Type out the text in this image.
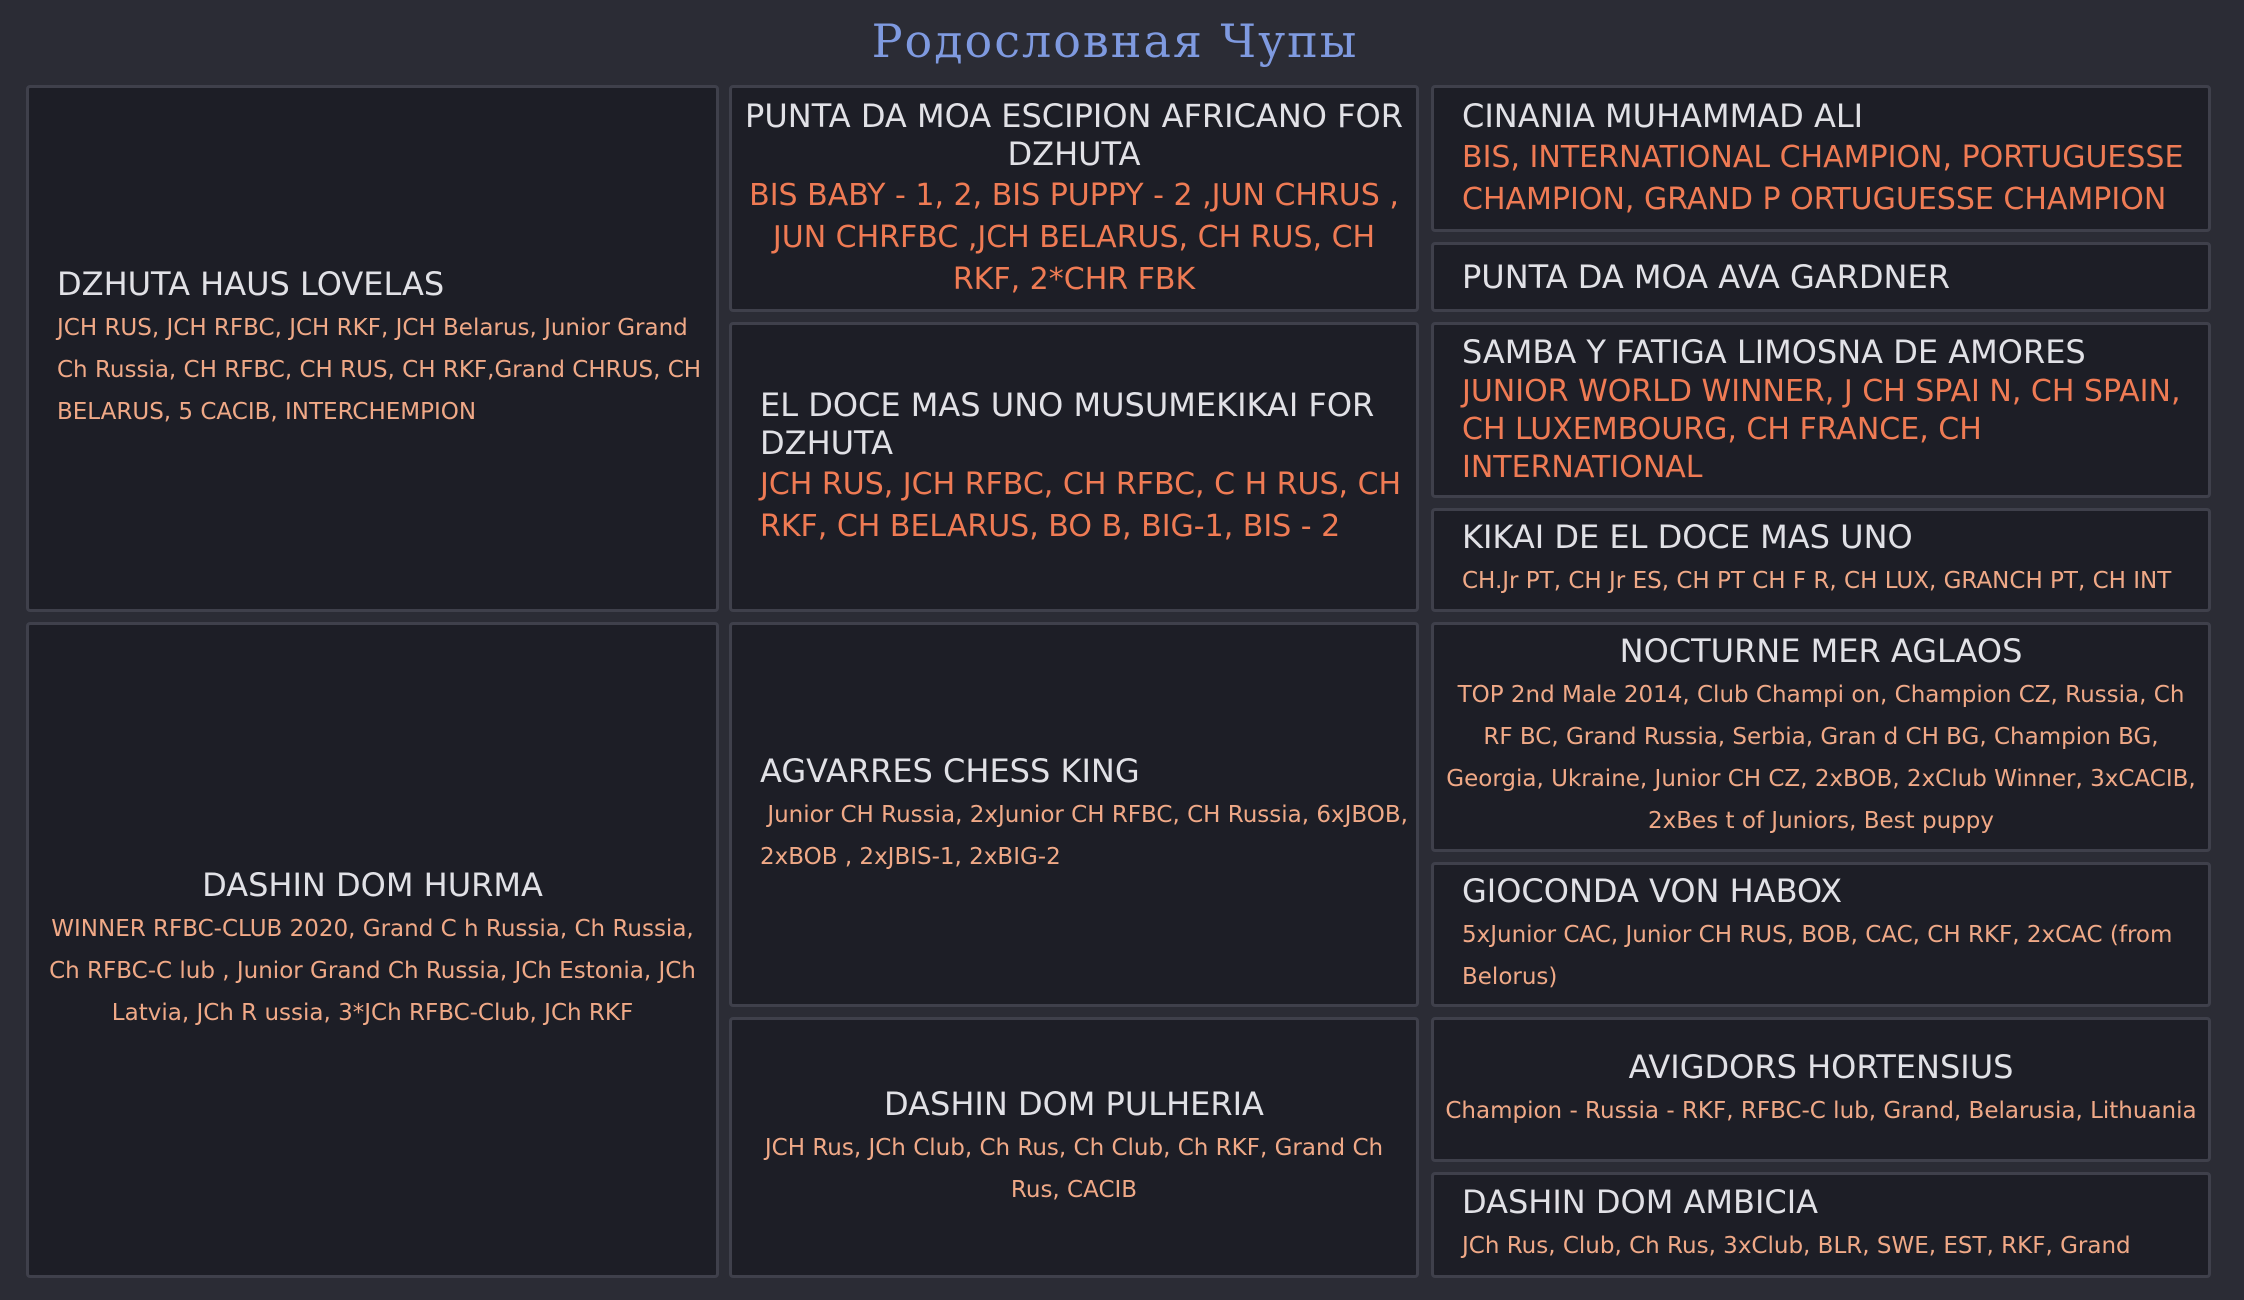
Родословная Чупы
DZHUTA HAUS LOVELAS
JCH RUS, JCH RFBC, JCH RKF, JCH Belarus, Junior Grand Ch Russia, CH RFBC, CH RUS, CH RKF,Grand CHRUS, CH BELARUS, 5 CACIB, INTERCHEMPION
DASHIN DOM HURMA
WINNER RFBC-CLUB 2020, Grand C h Russia, Ch Russia, Ch RFBC-C lub , Junior Grand Ch Russia, JCh Estonia, JCh Latvia, JCh R ussia, 3*JCh RFBC-Club, JCh RKF
PUNTA DA MOA ESCIPION AFRICANO FOR DZHUTA
BIS BABY - 1, 2, BIS PUPPY - 2 ,JUN CHRUS , JUN CHRFBC ,JCH BELARUS, CH RUS, CH RKF, 2*CHR FBK
EL DOCE MAS UNO MUSUMEKIKAI FOR DZHUTA
JCH RUS, JCH RFBC, CH RFBC, C H RUS, CH RKF, CH BELARUS, BO B, BIG-1, BIS - 2
AGVARRES CHESS KING
Junior CH Russia, 2xJunior CH RFBC, CH Russia, 6xJBOB, 2xBOB , 2xJBIS-1, 2xBIG-2
DASHIN DOM PULHERIA
JCH Rus, JCh Club, Ch Rus, Ch Club, Ch RKF, Grand Ch Rus, CACIB
CINANIA MUHAMMAD ALI
BIS, INTERNATIONAL CHAMPION, PORTUGUESSE CHAMPION, GRAND P ORTUGUESSE CHAMPION
PUNTA DA MOA AVA GARDNER
SAMBA Y FATIGA LIMOSNA DE AMORES
JUNIOR WORLD WINNER, J CH SPAI N, CH SPAIN, CH LUXEMBOURG, CH FRANCE, CH INTERNATIONAL
KIKAI DE EL DOCE MAS UNO
CH.Jr PT, CH Jr ES, CH PT CH F R, CH LUX, GRANCH PT, CH INT
NOCTURNE MER AGLAOS
TOP 2nd Male 2014, Club Champi on, Champion CZ, Russia, Ch RF BC, Grand Russia, Serbia, Gran d CH BG, Champion BG, Georgia, Ukraine, Junior CH CZ, 2xBOB, 2xClub Winner, 3xCACIB, 2xBes t of Juniors, Best puppy
GIOCONDA VON HABOX
5xJunior CAC, Junior CH RUS, BOB, CAC, CH RKF, 2xCAC (from Belorus)
AVIGDORS HORTENSIUS
Champion - Russia - RKF, RFBC-C lub, Grand, Belarusia, Lithuania
DASHIN DOM AMBICIA
JCh Rus, Club, Ch Rus, 3xClub, BLR, SWE, EST, RKF, Grand
